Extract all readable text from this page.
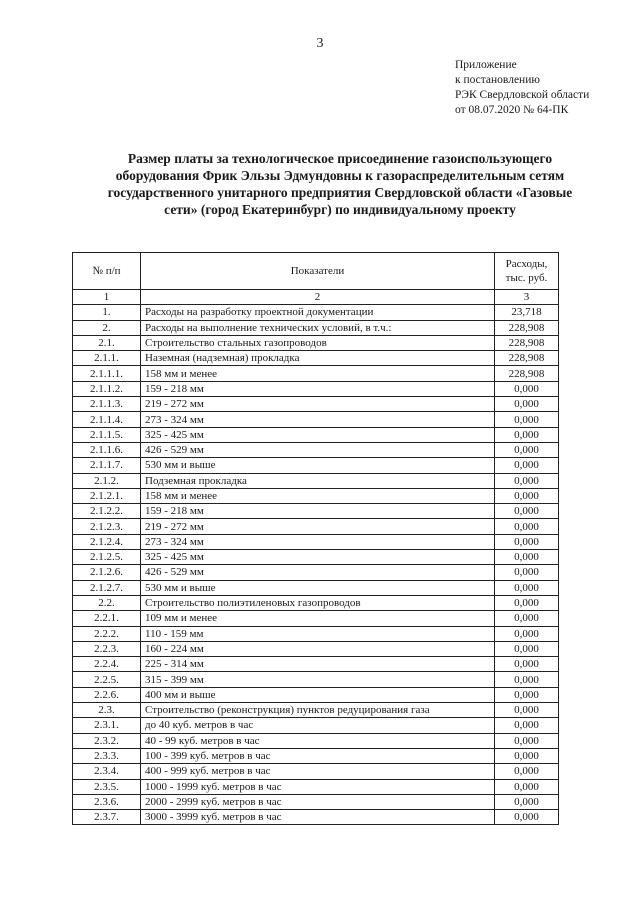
3
Приложение
к постановлению
РЭК Свердловской области
от 08.07.2020 № 64-ПК
Размер платы за технологическое присоединение газоиспользующего
оборудования Фрик Эльзы Эдмундовны к газораспределительным сетям
государственного унитарного предприятия Свердловской области «Газовые
сети» (город Екатеринбург) по индивидуальному проекту
№ п/п	Показатели	Расходы, тыс. руб.
1	2	3
1.	Расходы на разработку проектной документации	23,718
2.	Расходы на выполнение технических условий, в т.ч.:	228,908
2.1.	Строительство стальных газопроводов	228,908
2.1.1.	Наземная (надземная) прокладка	228,908
2.1.1.1.	158 мм и менее	228,908
2.1.1.2.	159 - 218 мм	0,000
2.1.1.3.	219 - 272 мм	0,000
2.1.1.4.	273 - 324 мм	0,000
2.1.1.5.	325 - 425 мм	0,000
2.1.1.6.	426 - 529 мм	0,000
2.1.1.7.	530 мм и выше	0,000
2.1.2.	Подземная прокладка	0,000
2.1.2.1.	158 мм и менее	0,000
2.1.2.2.	159 - 218 мм	0,000
2.1.2.3.	219 - 272 мм	0,000
2.1.2.4.	273 - 324 мм	0,000
2.1.2.5.	325 - 425 мм	0,000
2.1.2.6.	426 - 529 мм	0,000
2.1.2.7.	530 мм и выше	0,000
2.2.	Строительство полиэтиленовых газопроводов	0,000
2.2.1.	109 мм и менее	0,000
2.2.2.	110 - 159 мм	0,000
2.2.3.	160 - 224 мм	0,000
2.2.4.	225 - 314 мм	0,000
2.2.5.	315 - 399 мм	0,000
2.2.6.	400 мм и выше	0,000
2.3.	Строительство (реконструкция) пунктов редуцирования газа	0,000
2.3.1.	до 40 куб. метров в час	0,000
2.3.2.	40 - 99 куб. метров в час	0,000
2.3.3.	100 - 399 куб. метров в час	0,000
2.3.4.	400 - 999 куб. метров в час	0,000
2.3.5.	1000 - 1999 куб. метров в час	0,000
2.3.6.	2000 - 2999 куб. метров в час	0,000
2.3.7.	3000 - 3999 куб. метров в час	0,000
